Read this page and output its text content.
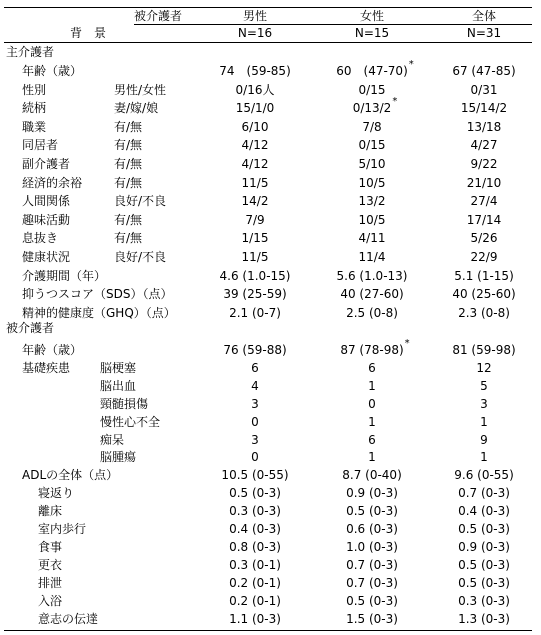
被介護者
背　景
男性	女性	全体
N=16	N=15	N=31
主介護者
被介護者
年齢（歳）	74　(59-85)	60　(47-70)	67 (47-85)
*
性別	男性/女性	0/16人	0/15	0/31
続柄	妻/嫁/娘	15/1/0	0/13/2	15/14/2
*
職業	有/無	6/10	7/8	13/18
同居者	有/無	4/12	0/15	4/27
副介護者	有/無	4/12	5/10	9/22
経済的余裕	有/無	11/5	10/5	21/10
人間関係	良好/不良	14/2	13/2	27/4
趣味活動	有/無	7/9	10/5	17/14
息抜き	有/無	1/15	4/11	5/26
健康状況	良好/不良	11/5	11/4	22/9
介護期間（年）	4.6 (1.0-15)	5.6 (1.0-13)	5.1 (1-15)
抑うつスコア（SDS）（点）	39 (25-59)	40 (27-60)	40 (25-60)
精神的健康度（GHQ）（点）	2.1 (0-7)	2.5 (0-8)	2.3 (0-8)
年齢（歳）	76 (59-88)	87 (78-98)	81 (59-98)
*
基礎疾患 脳梗塞	6	6	12
脳出血	4	1	5
頸髄損傷	3	0	3
慢性心不全	0	1	1
痴呆	3	6	9
脳腫瘍	0	1	1
ADLの全体（点）	10.5 (0-55)	8.7 (0-40)	9.6 (0-55)
寝返り	0.5 (0-3)	0.9 (0-3)	0.7 (0-3)
離床	0.3 (0-3)	0.5 (0-3)	0.4 (0-3)
室内歩行	0.4 (0-3)	0.6 (0-3)	0.5 (0-3)
食事	0.8 (0-3)	1.0 (0-3)	0.9 (0-3)
更衣	0.3 (0-1)	0.7 (0-3)	0.5 (0-3)
排泄	0.2 (0-1)	0.7 (0-3)	0.5 (0-3)
入浴	0.2 (0-1)	0.5 (0-3)	0.3 (0-3)
意志の伝達	1.1 (0-3)	1.5 (0-3)	1.3 (0-3)
